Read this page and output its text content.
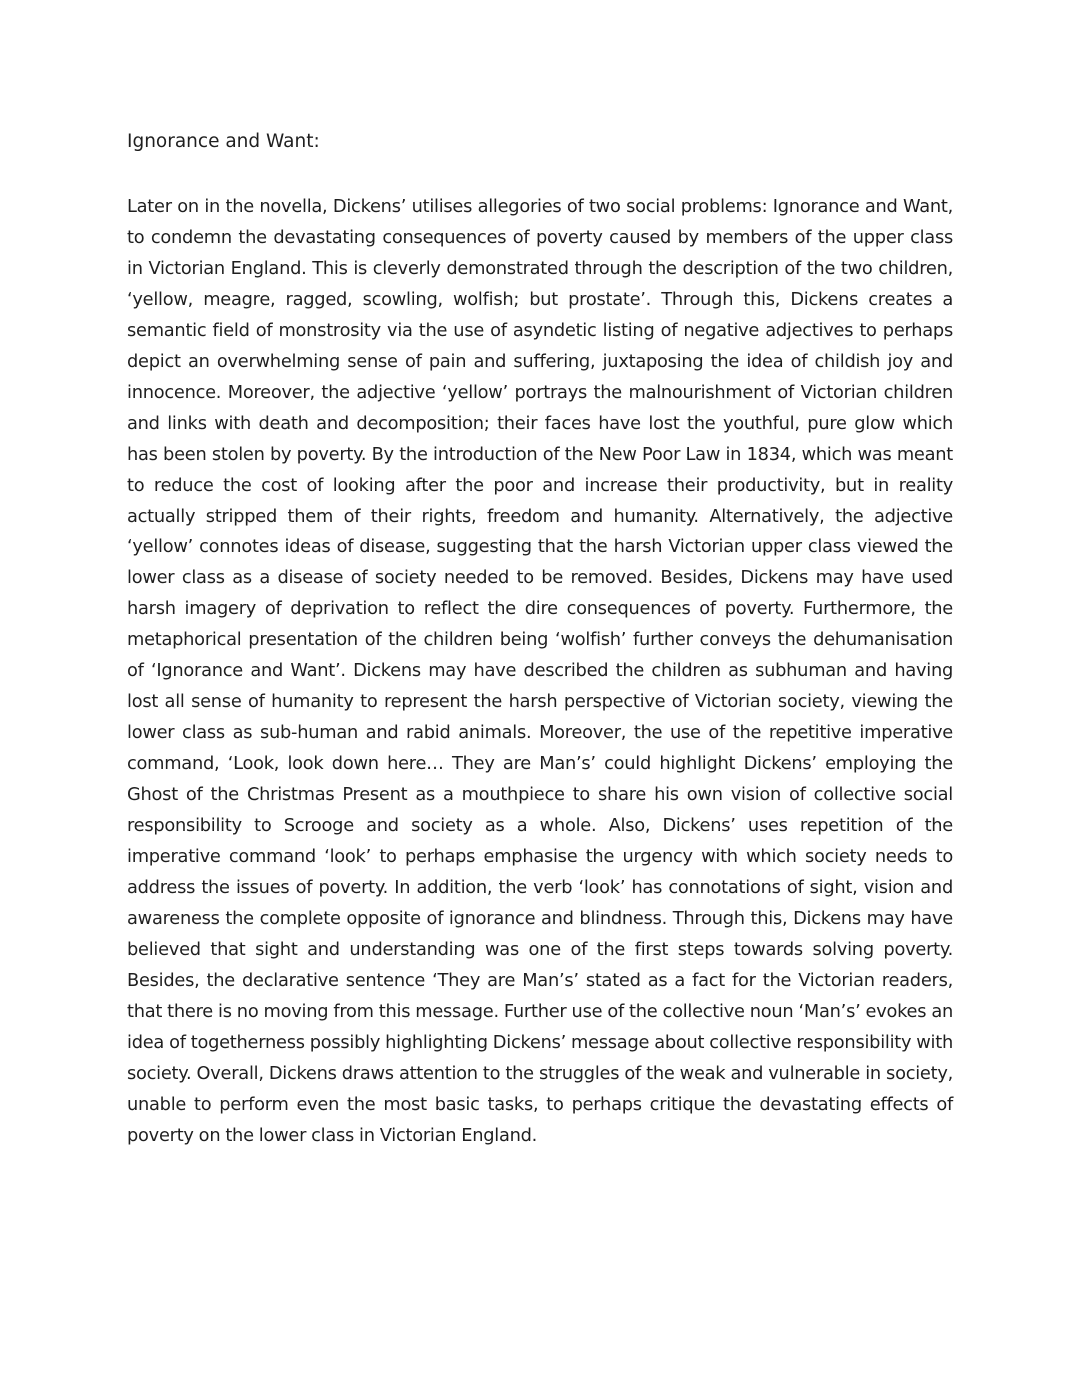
Ignorance and Want:

Later on in the novella, Dickens’ utilises allegories of two social problems: Ignorance and Want, to condemn the devastating consequences of poverty caused by members of the upper class in Victorian England. This is cleverly demonstrated through the description of the two children, ‘yellow, meagre, ragged, scowling, wolfish; but prostate’. Through this, Dickens creates a semantic field of monstrosity via the use of asyndetic listing of negative adjectives to perhaps depict an overwhelming sense of pain and suffering, juxtaposing the idea of childish joy and innocence. Moreover, the adjective ‘yellow’ portrays the malnourishment of Victorian children and links with death and decomposition; their faces have lost the youthful, pure glow which has been stolen by poverty. By the introduction of the New Poor Law in 1834, which was meant to reduce the cost of looking after the poor and increase their productivity, but in reality actually stripped them of their rights, freedom and humanity. Alternatively, the adjective ‘yellow’ connotes ideas of disease, suggesting that the harsh Victorian upper class viewed the lower class as a disease of society needed to be removed. Besides, Dickens may have used harsh imagery of deprivation to reflect the dire consequences of poverty. Furthermore, the metaphorical presentation of the children being ‘wolfish’ further conveys the dehumanisation of ‘Ignorance and Want’. Dickens may have described the children as subhuman and having lost all sense of humanity to represent the harsh perspective of Victorian society, viewing the lower class as sub-human and rabid animals. Moreover, the use of the repetitive imperative command, ‘Look, look down here… They are Man’s’ could highlight Dickens’ employing the Ghost of the Christmas Present as a mouthpiece to share his own vision of collective social responsibility to Scrooge and society as a whole. Also, Dickens’ uses repetition of the imperative command ‘look’ to perhaps emphasise the urgency with which society needs to address the issues of poverty. In addition, the verb ‘look’ has connotations of sight, vision and awareness the complete opposite of ignorance and blindness. Through this, Dickens may have believed that sight and understanding was one of the first steps towards solving poverty. Besides, the declarative sentence ‘They are Man’s’ stated as a fact for the Victorian readers, that there is no moving from this message. Further use of the collective noun ‘Man’s’ evokes an idea of togetherness possibly highlighting Dickens’ message about collective responsibility with society. Overall, Dickens draws attention to the struggles of the weak and vulnerable in society, unable to perform even the most basic tasks, to perhaps critique the devastating effects of poverty on the lower class in Victorian England.
